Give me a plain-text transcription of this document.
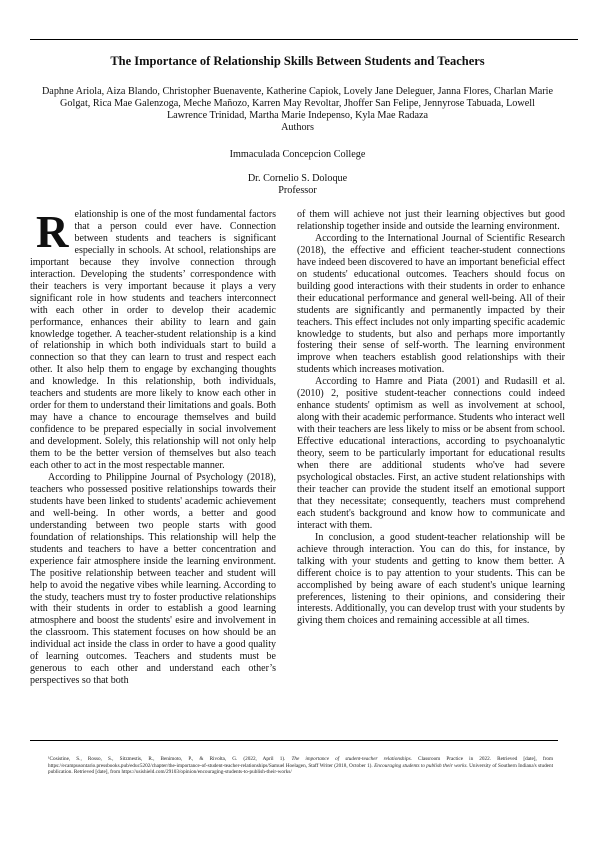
The Importance of Relationship Skills Between Students and Teachers
Daphne Ariola, Aiza Blando, Christopher Buenavente, Katherine Capiok, Lovely Jane Deleguer, Janna Flores, Charlan Marie Golgat, Rica Mae Galenzoga, Meche Mañozo, Karren May Revoltar, Jhoffer San Felipe, Jennyrose Tabuada, Lowell Lawrence Trinidad, Martha Marie Indepenso, Kyla Mae Radaza
Authors
Immaculada Concepcion College
Dr. Cornelio S. Doloque
Professor

Relationship is one of the most fundamental factors that a person could ever have. Connection between students and teachers is significant especially in schools. At school, relationships are important because they involve connection through interaction. Developing the students’ correspondence with their teachers is very important because it plays a very significant role in how students and teachers interconnect with each other in order to develop their academic performance, enhances their ability to learn and gain knowledge together. A teacher-student relationship is a kind of relationship in which both individuals start to build a connection so that they can learn to trust and respect each other. It also help them to engage by exchanging thoughts and knowledge. In this relationship, both individuals, teachers and students are more likely to know each other in order for them to understand their limitations and goals. Both may have a chance to encourage themselves and build confidence to be prepared especially in social involvement and development. Solely, this relationship will not only help them to be the better version of themselves but also teach each other to act in the most respectable manner.

According to Philippine Journal of Psychology (2018), teachers who possessed positive relationships towards their students have been linked to students' academic achievement and well-being. In other words, a better and good understanding between two people starts with good foundation of relationships. This relationship will help the students and teachers to have a better concentration and experience fair atmosphere inside the learning environment. The positive relationship between teacher and student will help to avoid the negative vibes while learning. According to the study, teachers must try to foster productive relationships with their students in order to establish a good learning atmosphere and boost the students' esire and involvement in the classroom. This statement focuses on how should be an individual act inside the class in order to have a good quality of learning outcomes. Teachers and students must be generous to each other and understand each other’s perspectives so that both

of them will achieve not just their learning objectives but good relationship together inside and outside the learning environment.

According to the International Journal of Scientific Research (2018), the effective and efficient teacher-student connections have indeed been discovered to have an important beneficial effect on students' educational outcomes. Teachers should focus on building good interactions with their students in order to enhance their educational performance and general well-being. All of their students are significantly and permanently impacted by their teachers. This effect includes not only imparting specific academic knowledge to students, but also and perhaps more importantly fostering their sense of self-worth. The learning environment improve when teachers establish good relationships with their students which increases motivation.

According to Hamre and Piata (2001) and Rudasill et al. (2010) 2, positive student-teacher connections could indeed enhance students' optimism as well as involvement at school, along with their academic performance. Students who interact well with their teachers are less likely to miss or be absent from school. Effective educational interactions, according to psychoanalytic theory, seem to be particularly important for educational results when there are additional students who've had severe psychological obstacles. First, an active student relationships with their teacher can provide the student itself an emotional support that they necessitate; consequently, teachers must comprehend each student's background and know how to communicate and interact with them.

In conclusion, a good student-teacher relationship will be achieve through interaction. You can do this, for instance, by talking with your students and getting to know them better. A different choice is to pay attention to your students. This can be accomplished by being aware of each student's unique learning preferences, listening to their opinions, and considering their interests. Additionally, you can develop trust with your students by giving them choices and remaining accessible at all times.

¹Cosistine, S., Rosso, S., Sitzmestis, R., Benimoto, P., & Rivolta, G. (2022, April 1). The importance of student-teacher relationships. Classroom Practice in 2022. Retrieved [date], from https://ecampusontario.pressbooks.pub/educ5202/chapter/the-importance-of-student-teacher-relationships/Samuel Hoelagen, Staff Writer (2018, October 1). Encouraging students to publish their works. University of Southern Indiana's student publication. Retrieved [date], from https://usishield.com/29103/opinion/encouraging-students-to-publish-their-works/
